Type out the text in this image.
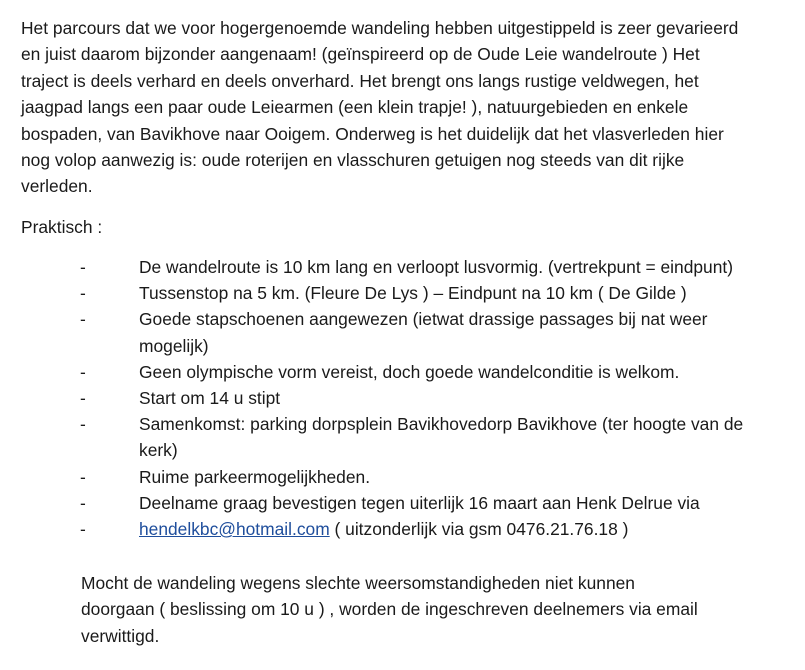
Het parcours dat we voor hogergenoemde wandeling hebben uitgestippeld is zeer gevarieerd
en juist daarom bijzonder aangenaam! (geïnspireerd op de Oude Leie wandelroute ) Het
traject is deels verhard en deels onverhard. Het brengt ons langs rustige veldwegen, het
jaagpad langs een paar oude Leiearmen (een klein trapje! ), natuurgebieden en enkele
bospaden, van Bavikhove naar Ooigem. Onderweg is het duidelijk dat het vlasverleden hier
nog volop aanwezig is: oude roterijen en vlasschuren getuigen nog steeds van dit rijke
verleden.

Praktisch :

-	De wandelroute is 10 km lang en verloopt lusvormig. (vertrekpunt = eindpunt)
-	Tussenstop na 5 km. (Fleure De Lys ) – Eindpunt na 10 km ( De Gilde )
-	Goede stapschoenen aangewezen (ietwat drassige passages bij nat weer
mogelijk)
-	Geen olympische vorm vereist, doch goede wandelconditie is welkom.
-	Start om 14 u stipt
-	Samenkomst: parking dorpsplein Bavikhovedorp Bavikhove (ter hoogte van de
kerk)
-	Ruime parkeermogelijkheden.
-	Deelname graag bevestigen tegen uiterlijk 16 maart aan Henk Delrue via
-	hendelkbc@hotmail.com ( uitzonderlijk via gsm 0476.21.76.18 )

Mocht de wandeling wegens slechte weersomstandigheden niet kunnen
doorgaan ( beslissing om 10 u ) , worden de ingeschreven deelnemers via email
verwittigd.
